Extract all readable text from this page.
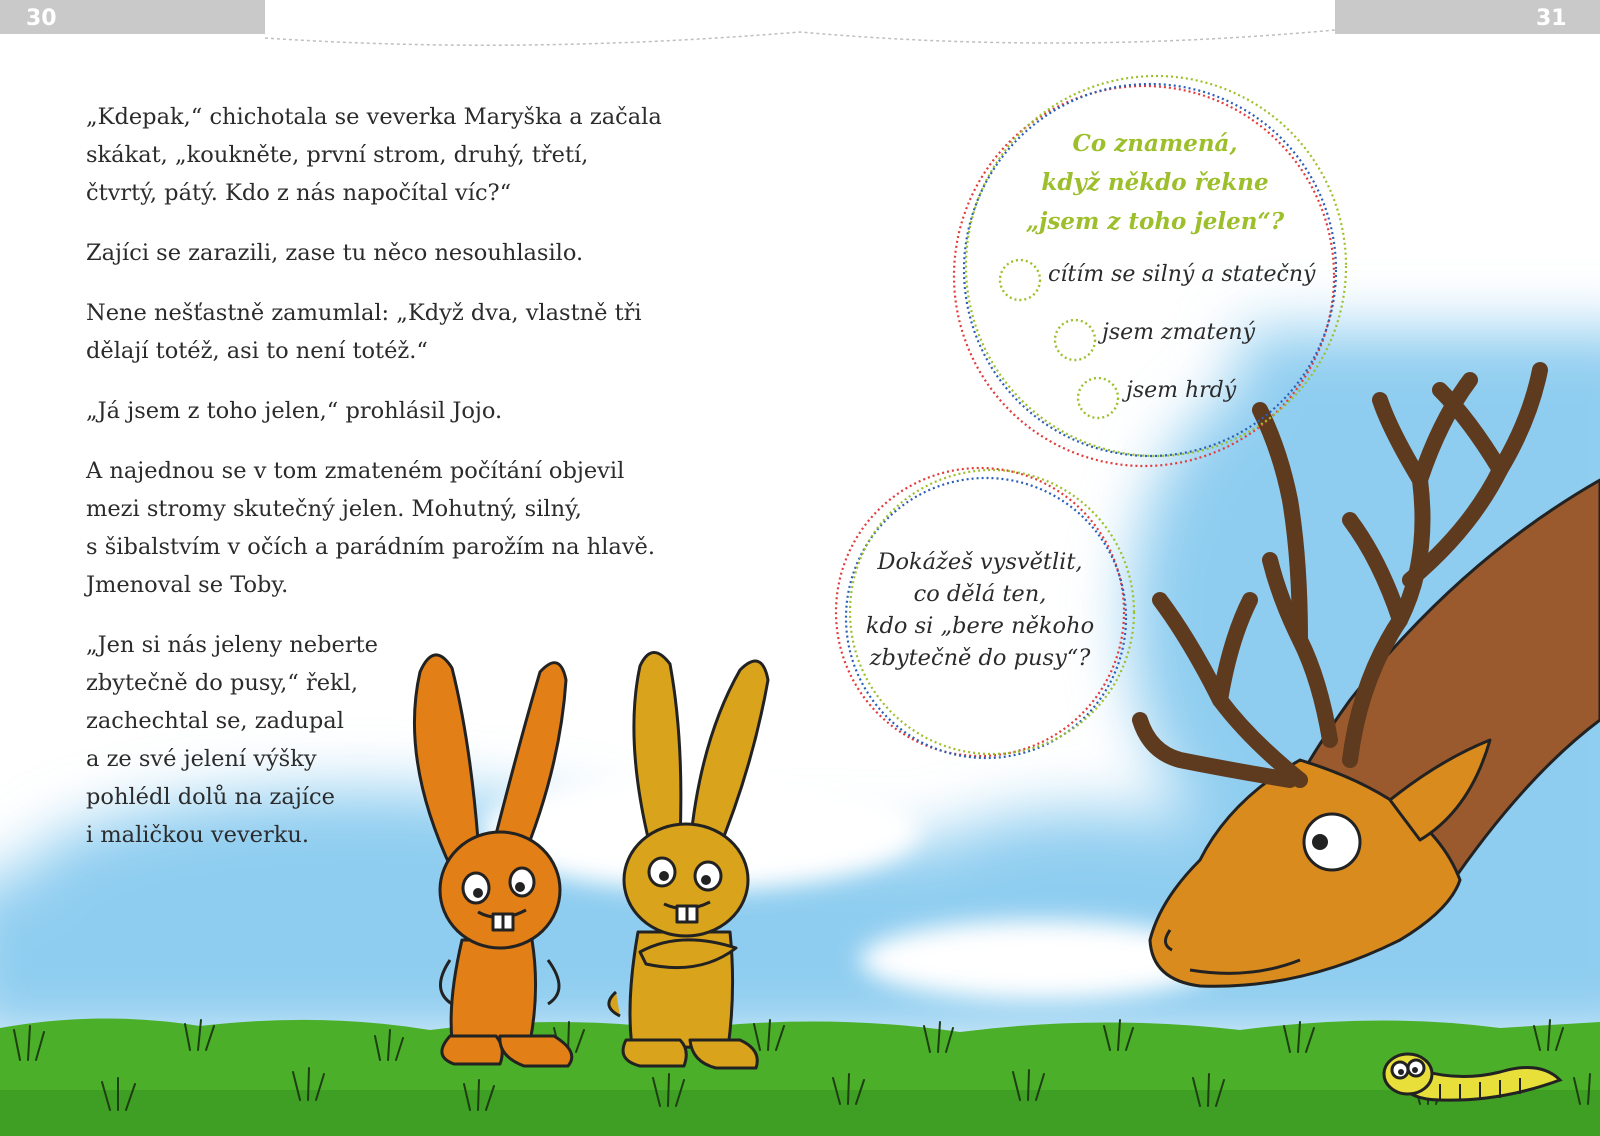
30	31

„Kdepak,“ chichotala se veverka Maryška a začala
skákat, „koukněte, první strom, druhý, třetí,
čtvrtý, pátý. Kdo z nás napočítal víc?“

Zajíci se zarazili, zase tu něco nesouhlasilo.

Nene nešťastně zamumlal: „Když dva, vlastně tři
dělají totéž, asi to není totéž.“

„Já jsem z toho jelen,“ prohlásil Jojo.

A najednou se v tom zmateném počítání objevil
mezi stromy skutečný jelen. Mohutný, silný,
s šibalstvím v očích a parádním parožím na hlavě.
Jmenoval se Toby.

„Jen si nás jeleny neberte
zbytečně do pusy,“ řekl,
zachechtal se, zadupal
a ze své jelení výšky
pohlédl dolů na zajíce
i maličkou veverku.

Co znamená,
když někdo řekne
„jsem z toho jelen“?
cítím se silný a statečný
jsem zmatený
jsem hrdý
Dokážeš vysvětlit,
co dělá ten,
kdo si „bere někoho
zbytečně do pusy“?
